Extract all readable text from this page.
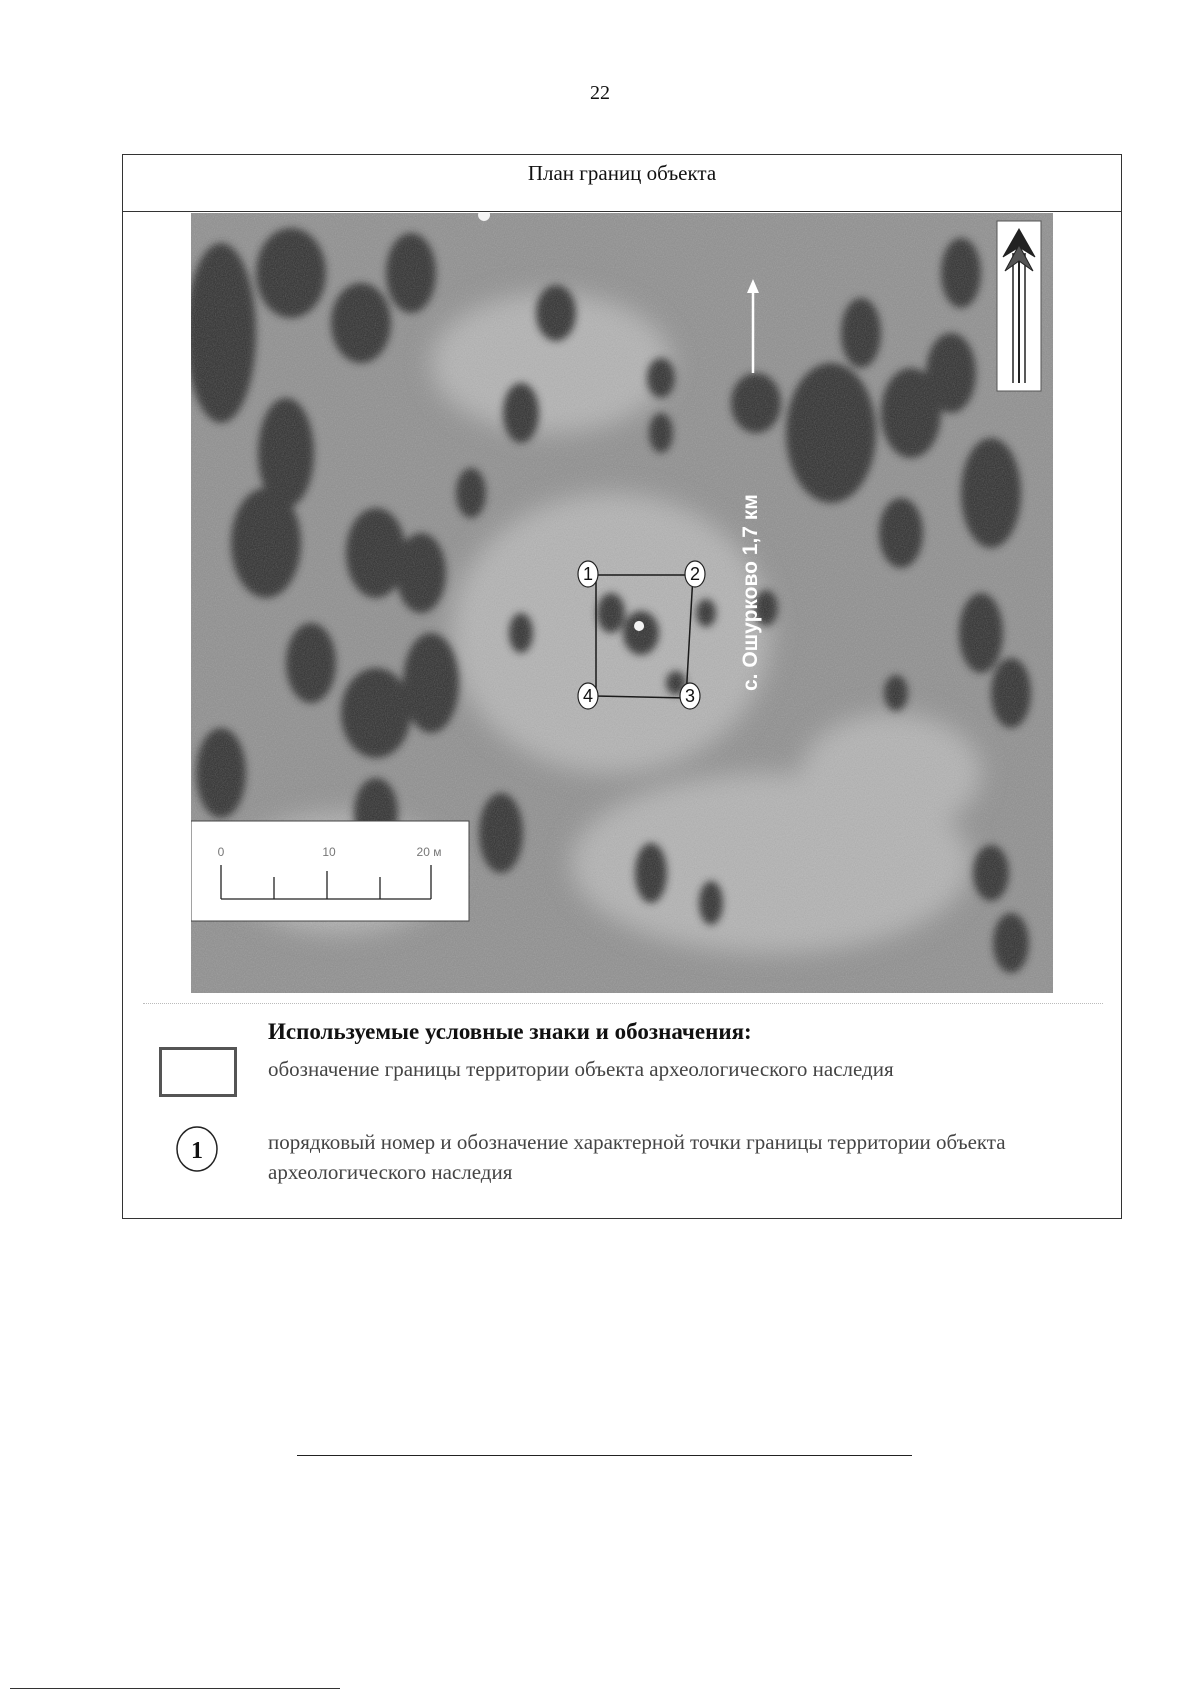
22
План границ объекта
1	2
3
4
с. Ошурково 1,7 км
0	10	20 м
Используемые условные знаки и обозначения:
обозначение границы территории объекта археологического наследия
1	порядковый номер и обозначение характерной точки границы территории объекта археологического наследия
